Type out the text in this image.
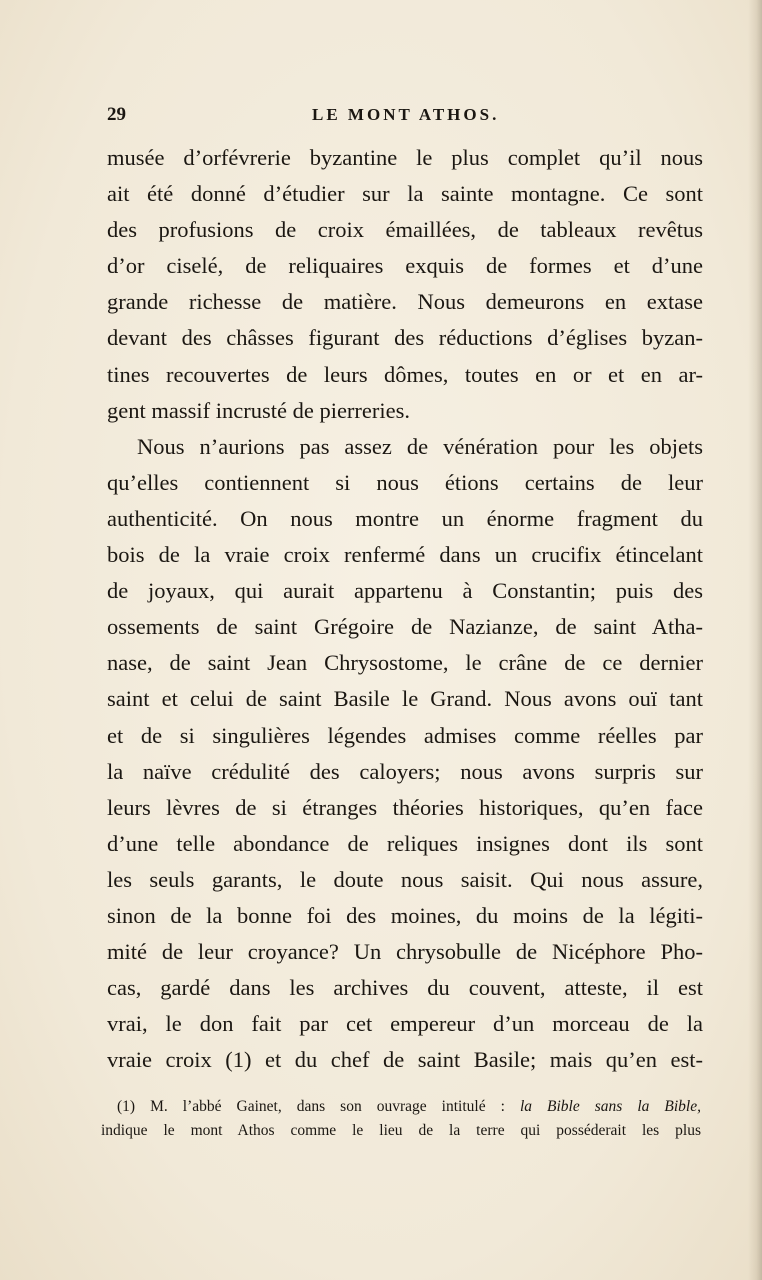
29	LE MONT ATHOS.
musée d’orfévrerie byzantine le plus complet qu’il nous
ait été donné d’étudier sur la sainte montagne. Ce sont
des profusions de croix émaillées, de tableaux revêtus
d’or ciselé, de reliquaires exquis de formes et d’une
grande richesse de matière. Nous demeurons en extase
devant des châsses figurant des réductions d’églises byzan-
tines recouvertes de leurs dômes, toutes en or et en ar-
gent massif incrusté de pierreries.
Nous n’aurions pas assez de vénération pour les objets
qu’elles contiennent si nous étions certains de leur
authenticité. On nous montre un énorme fragment du
bois de la vraie croix renfermé dans un crucifix étincelant
de joyaux, qui aurait appartenu à Constantin; puis des
ossements de saint Grégoire de Nazianze, de saint Atha-
nase, de saint Jean Chrysostome, le crâne de ce dernier
saint et celui de saint Basile le Grand. Nous avons ouï tant
et de si singulières légendes admises comme réelles par
la naïve crédulité des caloyers; nous avons surpris sur
leurs lèvres de si étranges théories historiques, qu’en face
d’une telle abondance de reliques insignes dont ils sont
les seuls garants, le doute nous saisit. Qui nous assure,
sinon de la bonne foi des moines, du moins de la légiti-
mité de leur croyance? Un chrysobulle de Nicéphore Pho-
cas, gardé dans les archives du couvent, atteste, il est
vrai, le don fait par cet empereur d’un morceau de la
vraie croix (1) et du chef de saint Basile; mais qu’en est-
(1) M. l’abbé Gainet, dans son ouvrage intitulé : la Bible sans la Bible,
indique le mont Athos comme le lieu de la terre qui posséderait les plus
